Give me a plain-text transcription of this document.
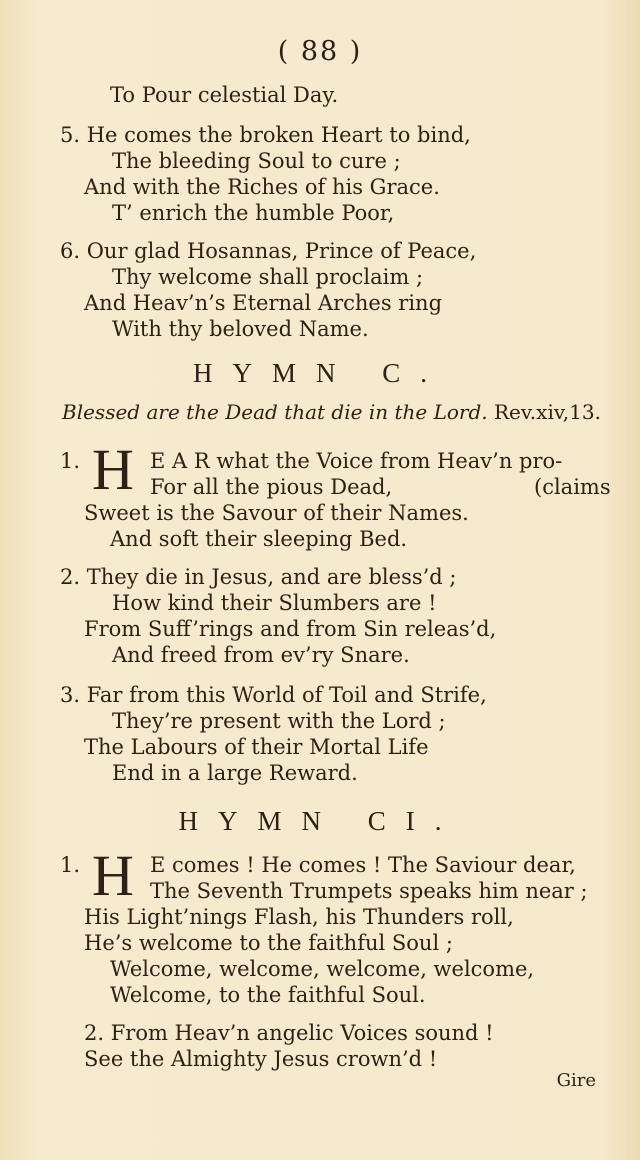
( 88 )
To Pour celestial Day.
5. He comes the broken Heart to bind,
The bleeding Soul to cure ;
And with the Riches of his Grace.
T’ enrich the humble Poor,
6. Our glad Hosannas, Prince of Peace,
Thy welcome shall proclaim ;
And Heav’n’s Eternal Arches ring
With thy beloved Name.
HYMN C.
Blessed are the Dead that die in the Lord. Rev.xiv,13.
1. H E A R what the Voice from Heav’n pro-
For all the pious Dead,	(claims
Sweet is the Savour of their Names.
And soft their sleeping Bed.
2. They die in Jesus, and are bless’d ;
How kind their Slumbers are !
From Suff’rings and from Sin releas’d,
And freed from ev’ry Snare.
3. Far from this World of Toil and Strife,
They’re present with the Lord ;
The Labours of their Mortal Life
End in a large Reward.
HYMN CI.
1. H E comes ! He comes ! The Saviour dear,
The Seventh Trumpets speaks him near ;
His Light’nings Flash, his Thunders roll,
He’s welcome to the faithful Soul ;
Welcome, welcome, welcome, welcome,
Welcome, to the faithful Soul.
2. From Heav’n angelic Voices sound !
See the Almighty Jesus crown’d !
Gire
